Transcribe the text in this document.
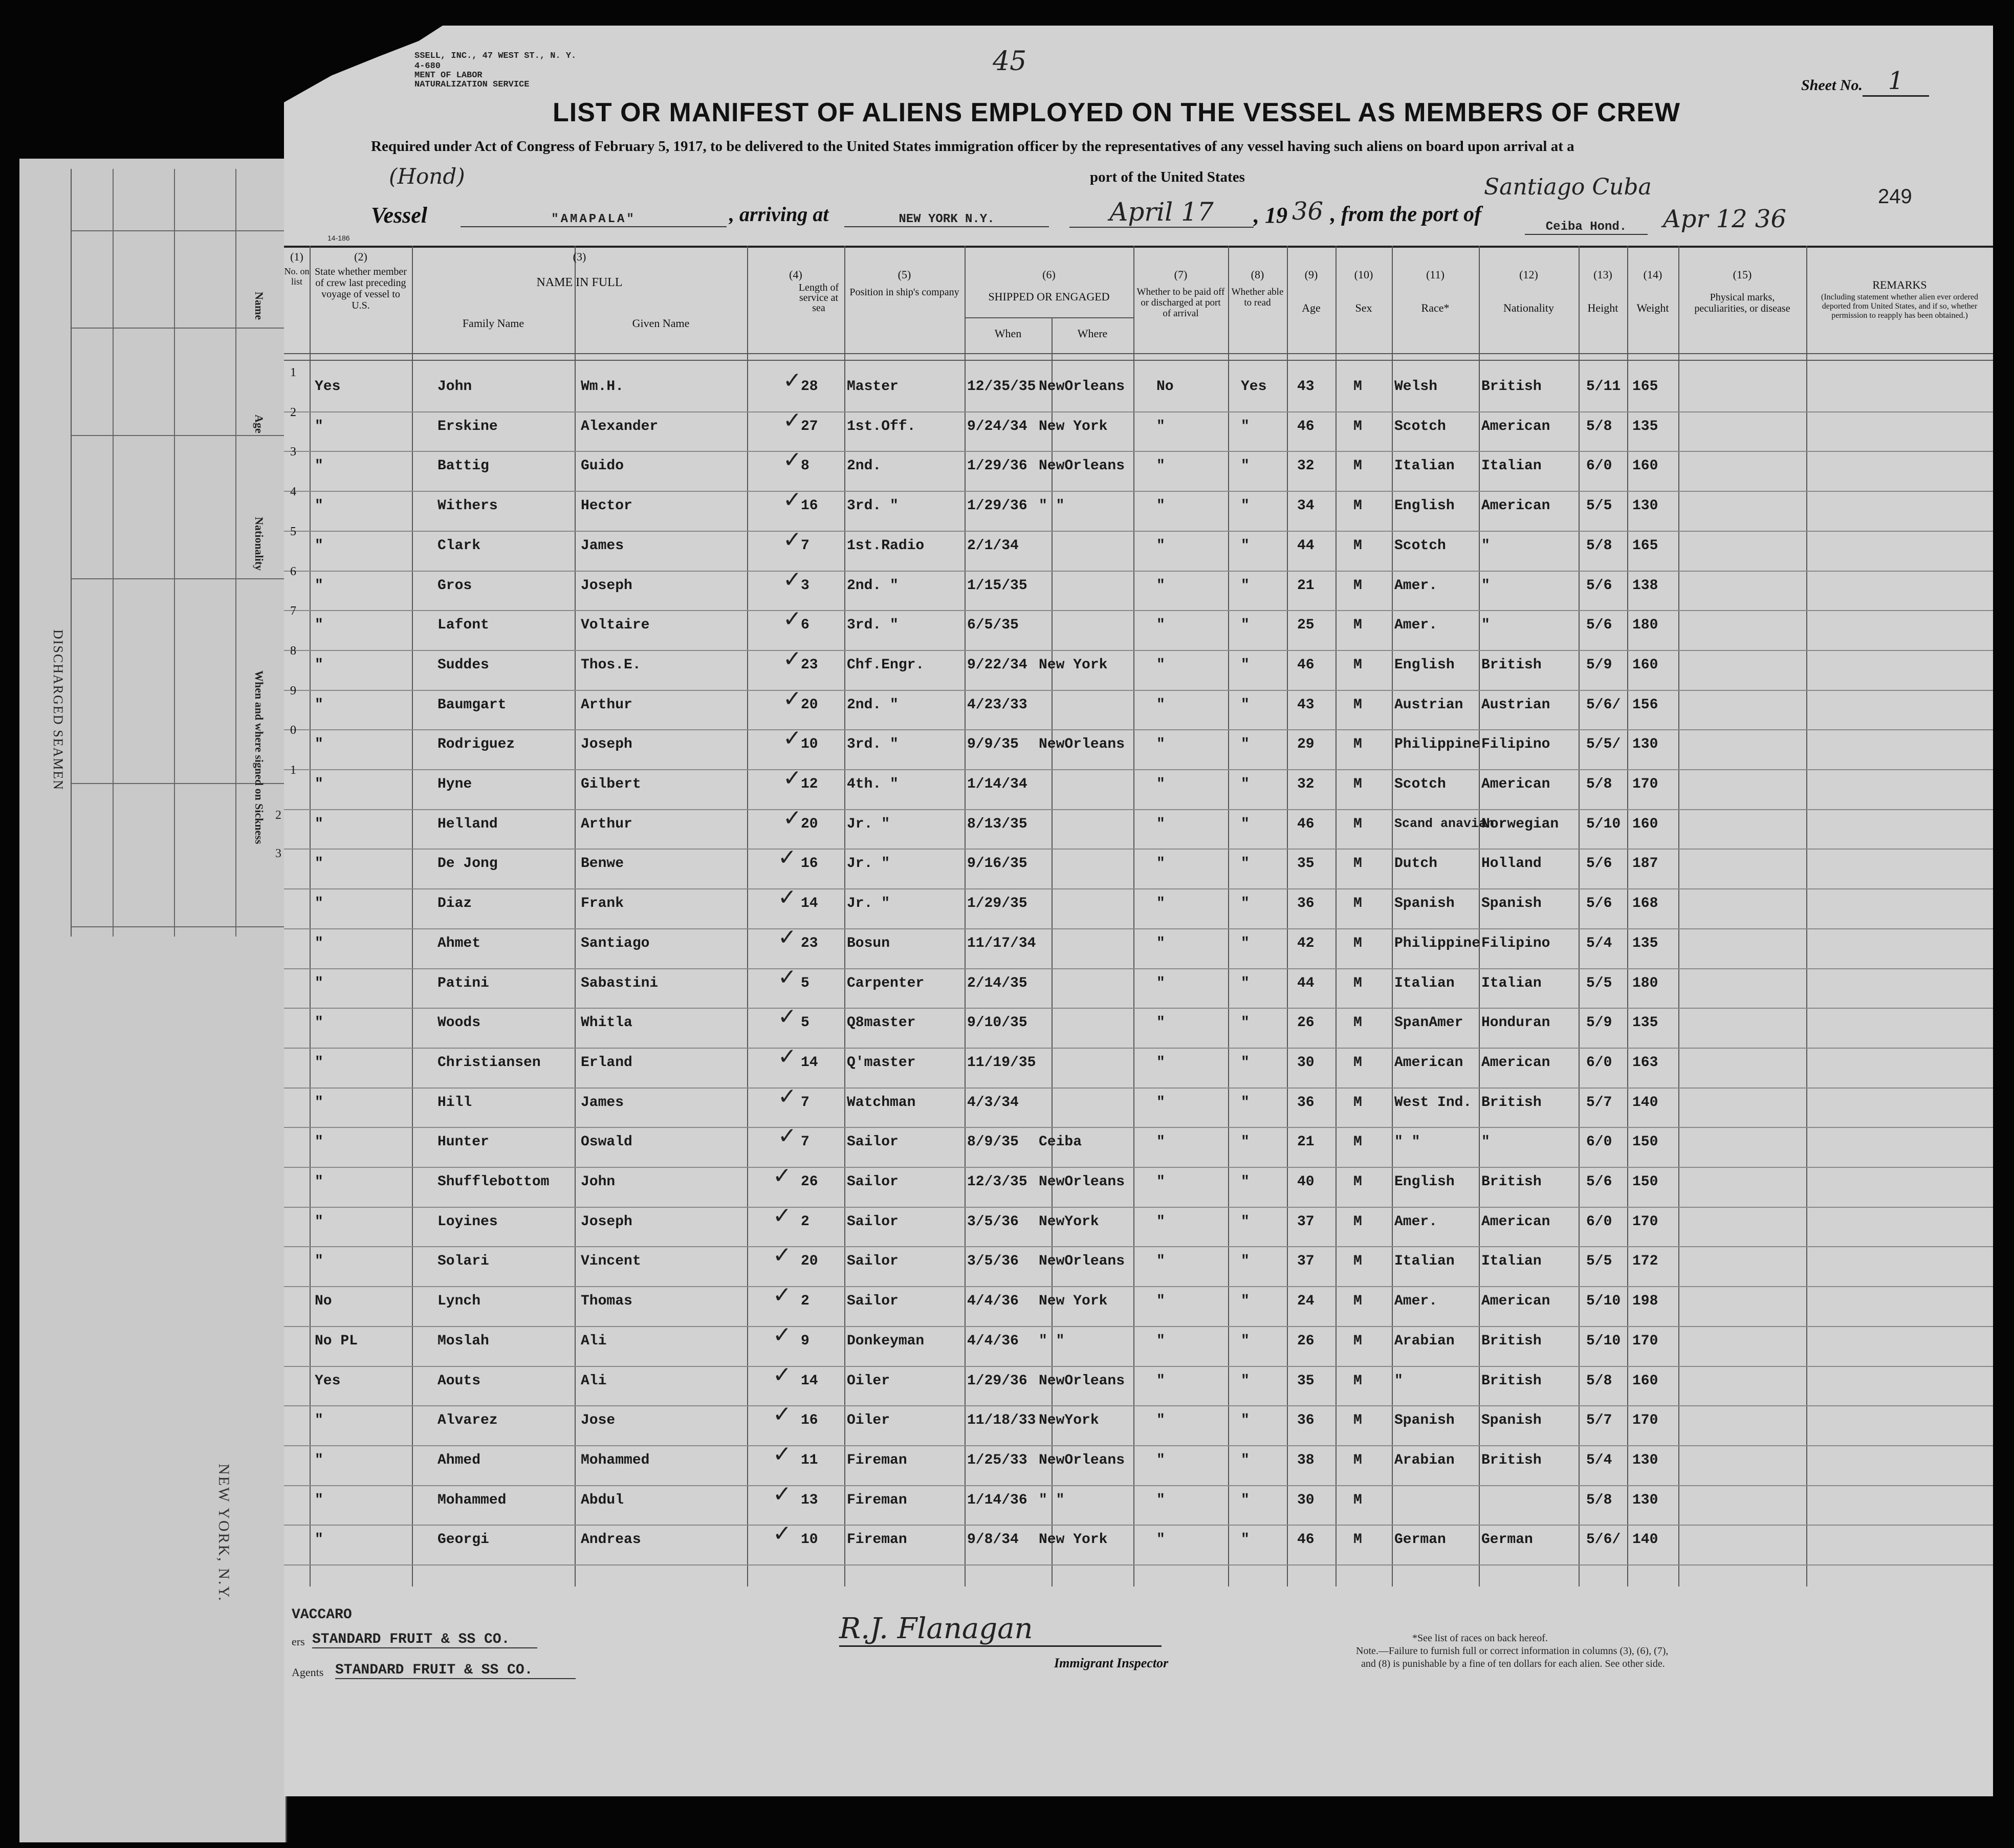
Name
Age
Nationality
When and where signed on
Sickness
DISCHARGED SEAMEN
2
3
NEW YORK, N.Y.
SSELL, INC., 47 WEST ST., N. Y.
4-680
MENT OF LABOR
NATURALIZATION SERVICE
45
Sheet No.	1
LIST OR MANIFEST OF ALIENS EMPLOYED ON THE VESSEL AS MEMBERS OF CREW
Required under Act of Congress of February 5, 1917, to be delivered to the United States immigration officer by the representatives of any vessel having such aliens on board upon arrival at a
port of the United States
(Hond)
Vessel	"AMAPALA"	, arriving at	NEW YORK N.Y.	April 17	, 19 36 , from the port of
Santiago Cuba
Ceiba Hond.	Apr 12 36
249
14-186
(1)
No. on list
(2)
State whether member of crew last preceding voyage of vessel to U.S.
(3)
NAME IN FULL
Family Name	Given Name
(4)
Length of service at sea
(5)
Position in ship's company
(6)
SHIPPED OR ENGAGED
When	Where
(7)
Whether to be paid off or discharged at port of arrival
(8)
Whether able to read
(9)
Age
(10)
Sex
(11)
Race*
(12)
Nationality
(13)
Height
(14)
Weight
(15)
Physical marks, peculiarities, or disease
REMARKS
(Including statement whether alien ever ordered deported from United States, and if so, whether permission to reapply has been obtained.)
1
Yes	John	Wm.H.	28 Master	12/35/35 NewOrleans No	Yes 43	M Welsh	British	5/11 165
✓
2
"	Erskine	Alexander	27 1st.Off.	9/24/34 New York	"	"	46	M Scotch American	5/8 135
✓
3
"	Battig	Guido	8	2nd.	1/29/36 NewOrleans "	"	32	M Italian Italian	6/0 160
✓
4
"	Withers	Hector	16 3rd. "	1/29/36 " "	"	"	34	M English American	5/5 130
✓
5
"	Clark	James	7	1st.Radio	2/1/34	"	"	44	M Scotch "	5/8 165
✓
6
"	Gros	Joseph	3	2nd. "	1/15/35	"	"	21	M Amer.	"	5/6 138
✓
7
"	Lafont	Voltaire	6	3rd. "	6/5/35	"	"	25	M Amer.	"	5/6 180
✓
8
"	Suddes	Thos.E.	23 Chf.Engr.	9/22/34 New York	"	"	46	M English British	5/9 160
✓
9
"	Baumgart	Arthur	20 2nd. "	4/23/33	"	"	43	M Austrian Austrian	5/6/ 156
✓
0
"	Rodriguez	Joseph	10 3rd. "	9/9/35 NewOrleans "	"	29	M Philippine Filipino	5/5/ 130
✓
1
"	Hyne	Gilbert	12 4th. "	1/14/34	"	"	32	M Scotch American	5/8 170
✓
"	Helland	Arthur	20 Jr. "	8/13/35	"	"	46	M	Scand anavian
Norwegian 5/10 160
✓
"	De Jong	Benwe	16 Jr. "	9/16/35	"	"	35	M Dutch	Holland	5/6 187
✓
"	Diaz	Frank	14 Jr. "	1/29/35	"	"	36	M Spanish Spanish	5/6 168
✓
"	Ahmet	Santiago	23 Bosun	11/17/34	"	"	42	M Philippine Filipino	5/4 135
✓
"	Patini	Sabastini	5	Carpenter	2/14/35	"	"	44	M Italian Italian	5/5 180
✓
"	Woods	Whitla	5	Q8master	9/10/35	"	"	26	M SpanAmer Honduran	5/9 135
✓
"	Christiansen	Erland	14 Q'master	11/19/35	"	"	30	M American American	6/0 163
✓
"	Hill	James	7	Watchman	4/3/34	"	"	36	M West Ind. British	5/7 140
✓
"	Hunter	Oswald	7	Sailor	8/9/35 Ceiba	"	"	21	M " "	"	6/0 150
✓
"	Shufflebottom John	26 Sailor	12/3/35 NewOrleans "	"	40	M English British	5/6 150
✓
"	Loyines	Joseph	2	Sailor	3/5/36 NewYork	"	"	37	M Amer.	American	6/0 170
✓
"	Solari	Vincent	20 Sailor	3/5/36 NewOrleans "	"	37	M Italian Italian	5/5 172
✓
No	Lynch	Thomas	2	Sailor	4/4/36 New York	"	"	24	M Amer.	American	5/10 198
✓
No PL	Moslah	Ali	9	Donkeyman	4/4/36 " "	"	"	26	M Arabian British	5/10 170
✓
Yes	Aouts	Ali	14 Oiler	1/29/36 NewOrleans "	"	35	M "	British	5/8 160
✓
"	Alvarez	Jose	16 Oiler	11/18/33 NewYork	"	"	36	M Spanish Spanish	5/7 170
✓
"	Ahmed	Mohammed	11 Fireman	1/25/33 NewOrleans "	"	38	M Arabian British	5/4 130
✓
"	Mohammed	Abdul	13 Fireman	1/14/36 " "	"	"	30	M	5/8 130
✓
"	Georgi	Andreas	10 Fireman	9/8/34 New York	"	"	46	M German German	5/6/ 140
✓
VACCARO
ers STANDARD FRUIT & SS CO.
Agents STANDARD FRUIT & SS CO.
R.J. Flanagan
Immigrant Inspector
*See list of races on back hereof.
Note.—Failure to furnish full or correct information in columns (3), (6), (7),
and (8) is punishable by a fine of ten dollars for each alien. See other side.
